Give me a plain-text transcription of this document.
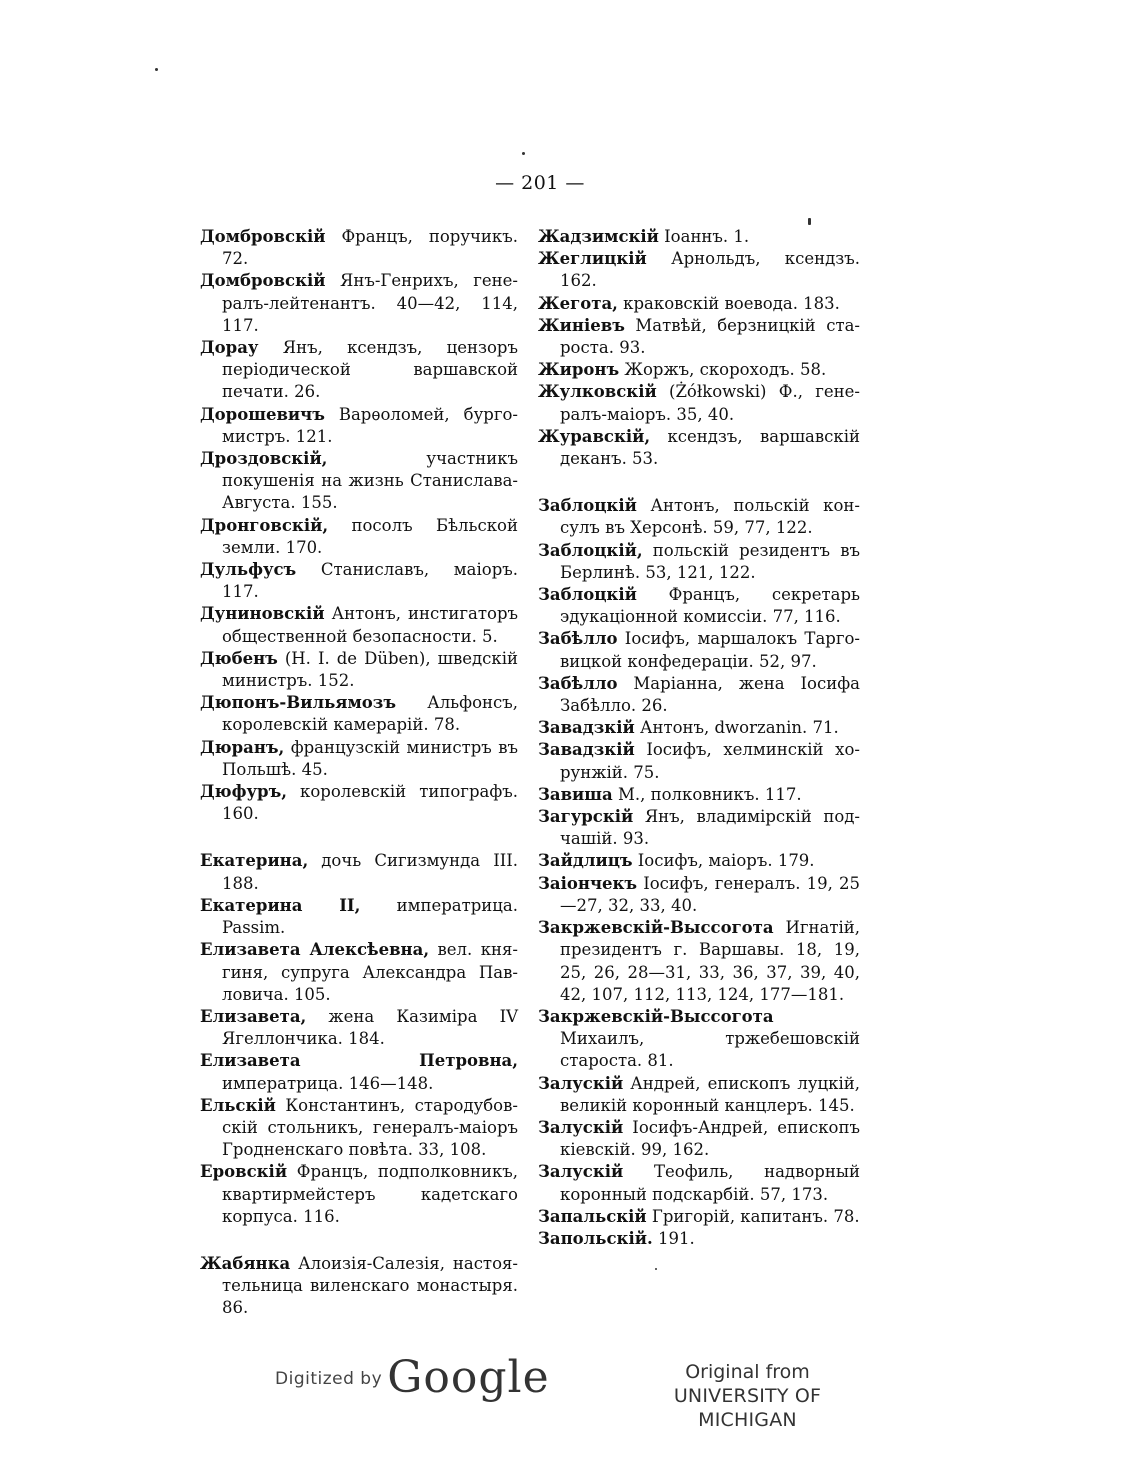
— 201 —
Домбровскiй Францъ, поручикъ. 72.
Домбровскiй Янъ-Генрихъ, генералъ-лейтенантъ. 40—42, 114, 117.
Дорау Янъ, ксендзъ, цензоръ перiодической варшавской печати. 26.
Дорошевичъ Варѳоломей, бургомистръ. 121.
Дроздовскiй, участникъ покушенiя на жизнь Станислава-Августа. 155.
Дронговскiй, посолъ Бѣльской земли. 170.
Дульфусъ Станиславъ, маiоръ. 117.
Дуниновскiй Антонъ, инстигаторъ общественной безопасности. 5.
Дюбенъ (H. I. de Düben), шведскiй министръ. 152.
Дюпонъ-Вильямозъ Альфонсъ, королевскiй камерарiй. 78.
Дюранъ, французскiй министръ въ Польшѣ. 45.
Дюфуръ, королевскiй типографъ. 160.
Екатерина, дочь Сигизмунда III. 188.
Екатерина II, императрица. Passim.
Елизавета Алексѣевна, вел. княгиня, супруга Александра Павловича. 105.
Елизавета, жена Казимiра IV Ягеллончика. 184.
Елизавета Петровна, императрица. 146—148.
Ельскiй Константинъ, стародубовскiй стольникъ, генералъ-маiоръ Гродненскаго повѣта. 33, 108.
Еровскiй Францъ, подполковникъ, квартирмейстеръ кадетскаго корпуса. 116.
Жабянка Алоизiя-Салезiя, настоятельница виленскаго монастыря. 86.
Жадзимскiй Iоаннъ. 1.
Жеглицкiй Арнольдъ, ксендзъ. 162.
Жегота, краковскiй воевода. 183.
Жинiевъ Матвѣй, берзницкiй староста. 93.
Жиронъ Жоржъ, скороходъ. 58.
Жулковскiй (Żółkowski) Ф., генералъ-маiоръ. 35, 40.
Журавскiй, ксендзъ, варшавскiй деканъ. 53.
Заблоцкiй Антонъ, польскiй консулъ въ Херсонѣ. 59, 77, 122.
Заблоцкiй, польскiй резидентъ въ Берлинѣ. 53, 121, 122.
Заблоцкiй Францъ, секретарь эдукацiонной комиссiи. 77, 116.
Забѣлло Iосифъ, маршалокъ Тарговицкой конфедерацiи. 52, 97.
Забѣлло Марiанна, жена Iосифа Забѣлло. 26.
Завадзкiй Антонъ, dworzanin. 71.
Завадзкiй Iосифъ, хелминскiй хорунжiй. 75.
Завиша М., полковникъ. 117.
Загурскiй Янъ, владимiрскiй подчашiй. 93.
Зайдлицъ Iосифъ, маiоръ. 179.
Заiончекъ Iосифъ, генералъ. 19, 25—27, 32, 33, 40.
Закржевскiй-Выссогота Игнатiй, президентъ г. Варшавы. 18, 19, 25, 26, 28—31, 33, 36, 37, 39, 40, 42, 107, 112, 113, 124, 177—181.
Закржевскiй-Выссогота Михаилъ, тржебешовскiй староста. 81.
Залускiй Андрей, епископъ луцкiй, великiй коронный канцлеръ. 145.
Залускiй Iосифъ-Андрей, епископъ кiевскiй. 99, 162.
Залускiй Теофиль, надворный коронный подскарбiй. 57, 173.
Запальскiй Григорiй, капитанъ. 78.
Запольскiй. 191.
Digitized by Google	Original from
UNIVERSITY OF MICHIGAN
